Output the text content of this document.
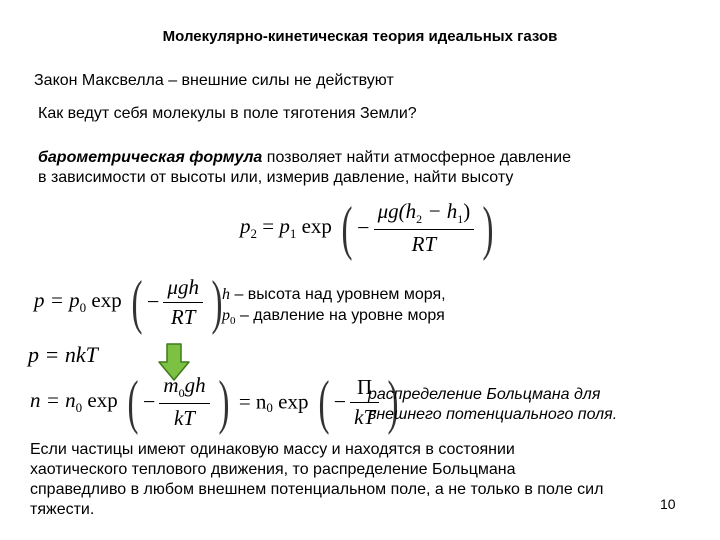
Молекулярно-кинетическая теория идеальных газов
Закон Максвелла – внешние силы не действуют
Как ведут себя молекулы в поле тяготения Земли?
барометрическая формула позволяет найти атмосферное давление в зависимости от высоты или, измерив давление, найти высоту
$p_2 = p_1$ exp ( − $\frac{\mu g(h_2 - h_1)}{RT}$ )
$p = p_0$ exp ( − $\frac{\text{μgh}}{RT}$ ) h – высота над уровнем моря,
$p_0$ – давление на уровне моря
p = nkT
$n = n_0$ exp ( − $\frac{m_0gh}{kT}$ ) = $n_0$ exp ( − $\frac{П}{kT}$ )
распределение Больцмана для внешнего потенциального поля.
Если частицы имеют одинаковую массу и находятся в состоянии хаотического теплового движения, то распределение Больцмана справедливо в любом внешнем потенциальном поле, а не только в поле сил тяжести.	10
